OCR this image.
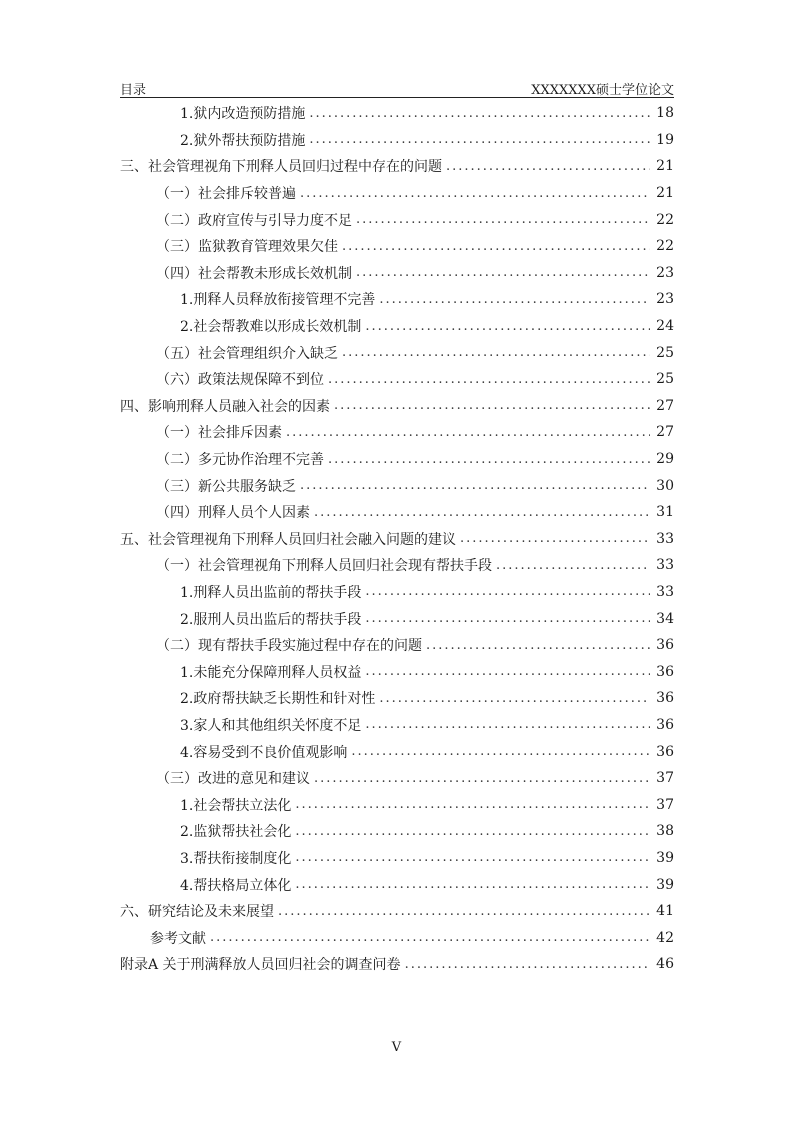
目录	XXXXXXX硕士学位论文
1.狱内改造预防措施 .....	18
2.狱外帮扶预防措施 .....	19
三、社会管理视角下刑释人员回归过程中存在的问题 .....	21
（一）社会排斥较普遍 .....	21
（二）政府宣传与引导力度不足 .....	22
（三）监狱教育管理效果欠佳 .....	22
（四）社会帮教未形成长效机制 .....	23
1.刑释人员释放衔接管理不完善 .....	23
2.社会帮教难以形成长效机制 .....	24
（五）社会管理组织介入缺乏 .....	25
（六）政策法规保障不到位 .....	25
四、影响刑释人员融入社会的因素 .....	27
（一）社会排斥因素 .....	27
（二）多元协作治理不完善 .....	29
（三）新公共服务缺乏 .....	30
（四）刑释人员个人因素 .....	31
五、社会管理视角下刑释人员回归社会融入问题的建议 .....	33
（一）社会管理视角下刑释人员回归社会现有帮扶手段 .....	33
1.刑释人员出监前的帮扶手段 .....	33
2.服刑人员出监后的帮扶手段 .....	34
（二）现有帮扶手段实施过程中存在的问题 .....	36
1.未能充分保障刑释人员权益 .....	36
2.政府帮扶缺乏长期性和针对性 .....	36
3.家人和其他组织关怀度不足 .....	36
4.容易受到不良价值观影响 .....	36
（三）改进的意见和建议 .....	37
1.社会帮扶立法化 .....	37
2.监狱帮扶社会化 .....	38
3.帮扶衔接制度化 .....	39
4.帮扶格局立体化 .....	39
六、研究结论及未来展望 .....	41
参考文献 .....	42
附录A 关于刑满释放人员回归社会的调查问卷 .....	46
V
